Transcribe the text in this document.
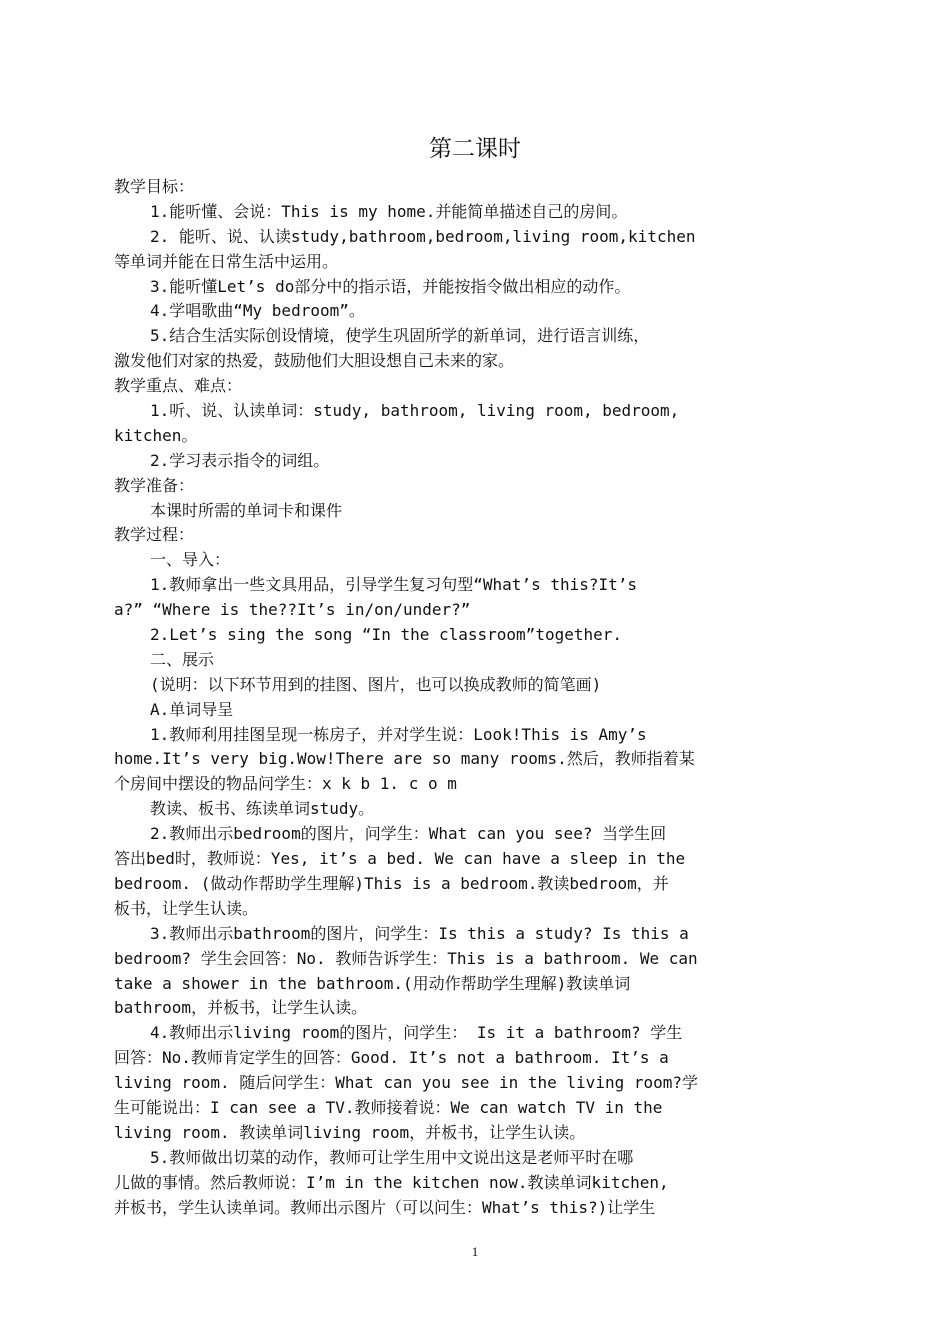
第二课时
教学目标：
1.能听懂、会说：This is my home.并能简单描述自己的房间。
2. 能听、说、认读study,bathroom,bedroom,living room,kitchen
等单词并能在日常生活中运用。
3.能听懂Let’s do部分中的指示语，并能按指令做出相应的动作。
4.学唱歌曲“My bedroom”。
5.结合生活实际创设情境，使学生巩固所学的新单词，进行语言训练，
激发他们对家的热爱，鼓励他们大胆设想自己未来的家。
教学重点、难点：
1.听、说、认读单词：study, bathroom, living room, bedroom,
kitchen。
2.学习表示指令的词组。
教学准备：
本课时所需的单词卡和课件
教学过程：
一、导入：
1.教师拿出一些文具用品，引导学生复习句型“What’s this?It’s
a?” “Where is the??It’s in/on/under?”
2.Let’s sing the song “In the classroom”together.
二、展示
(说明：以下环节用到的挂图、图片，也可以换成教师的简笔画)
A.单词导呈
1.教师利用挂图呈现一栋房子，并对学生说：Look!This is Amy’s
home.It’s very big.Wow!There are so many rooms.然后，教师指着某
个房间中摆设的物品问学生：x k b 1. c o m
教读、板书、练读单词study。
2.教师出示bedroom的图片，问学生：What can you see? 当学生回
答出bed时，教师说：Yes, it’s a bed. We can have a sleep in the
bedroom. (做动作帮助学生理解)This is a bedroom.教读bedroom，并
板书，让学生认读。
3.教师出示bathroom的图片，问学生：Is this a study? Is this a
bedroom? 学生会回答：No. 教师告诉学生：This is a bathroom. We can
take a shower in the bathroom.(用动作帮助学生理解)教读单词
bathroom，并板书，让学生认读。
4.教师出示living room的图片，问学生： Is it a bathroom? 学生
回答：No.教师肯定学生的回答：Good. It’s not a bathroom. It’s a
living room. 随后问学生：What can you see in the living room?学
生可能说出：I can see a TV.教师接着说：We can watch TV in the
living room. 教读单词living room，并板书，让学生认读。
5.教师做出切菜的动作，教师可让学生用中文说出这是老师平时在哪
儿做的事情。然后教师说：I’m in the kitchen now.教读单词kitchen,
并板书，学生认读单词。教师出示图片（可以问生：What’s this?)让学生
1
